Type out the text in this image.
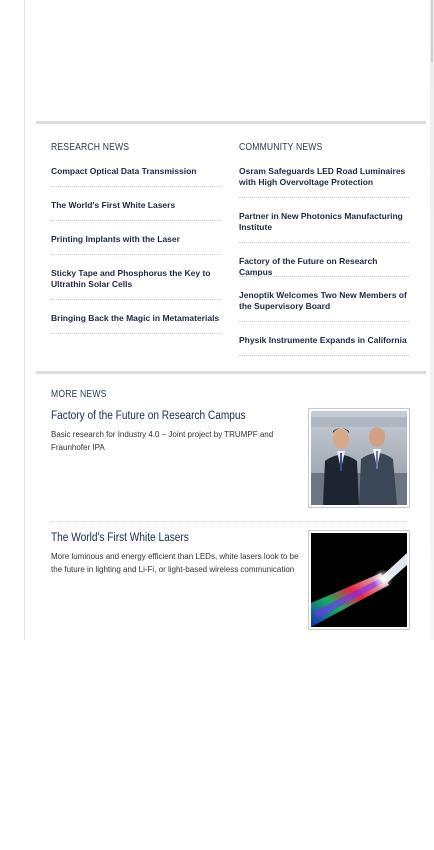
RESEARCH NEWS
Compact Optical Data Transmission
The World's First White Lasers
Printing Implants with the Laser
Sticky Tape and Phosphorus the Key to Ultrathin Solar Cells
Bringing Back the Magic in Metamaterials
COMMUNITY NEWS
Osram Safeguards LED Road Luminaires with High Overvoltage Protection
Partner in New Photonics Manufacturing Institute
Factory of the Future on Research Campus
Jenoptik Welcomes Two New Members of the Supervisory Board
Physik Instrumente Expands in California
MORE NEWS
Factory of the Future on Research Campus
Basic research for Industry 4.0 – Joint project by TRUMPF and Fraunhofer IPA
The World's First White Lasers
More luminous and energy efficient than LEDs, white lasers look to be the future in lighting and Li-Fi, or light-based wireless communication
